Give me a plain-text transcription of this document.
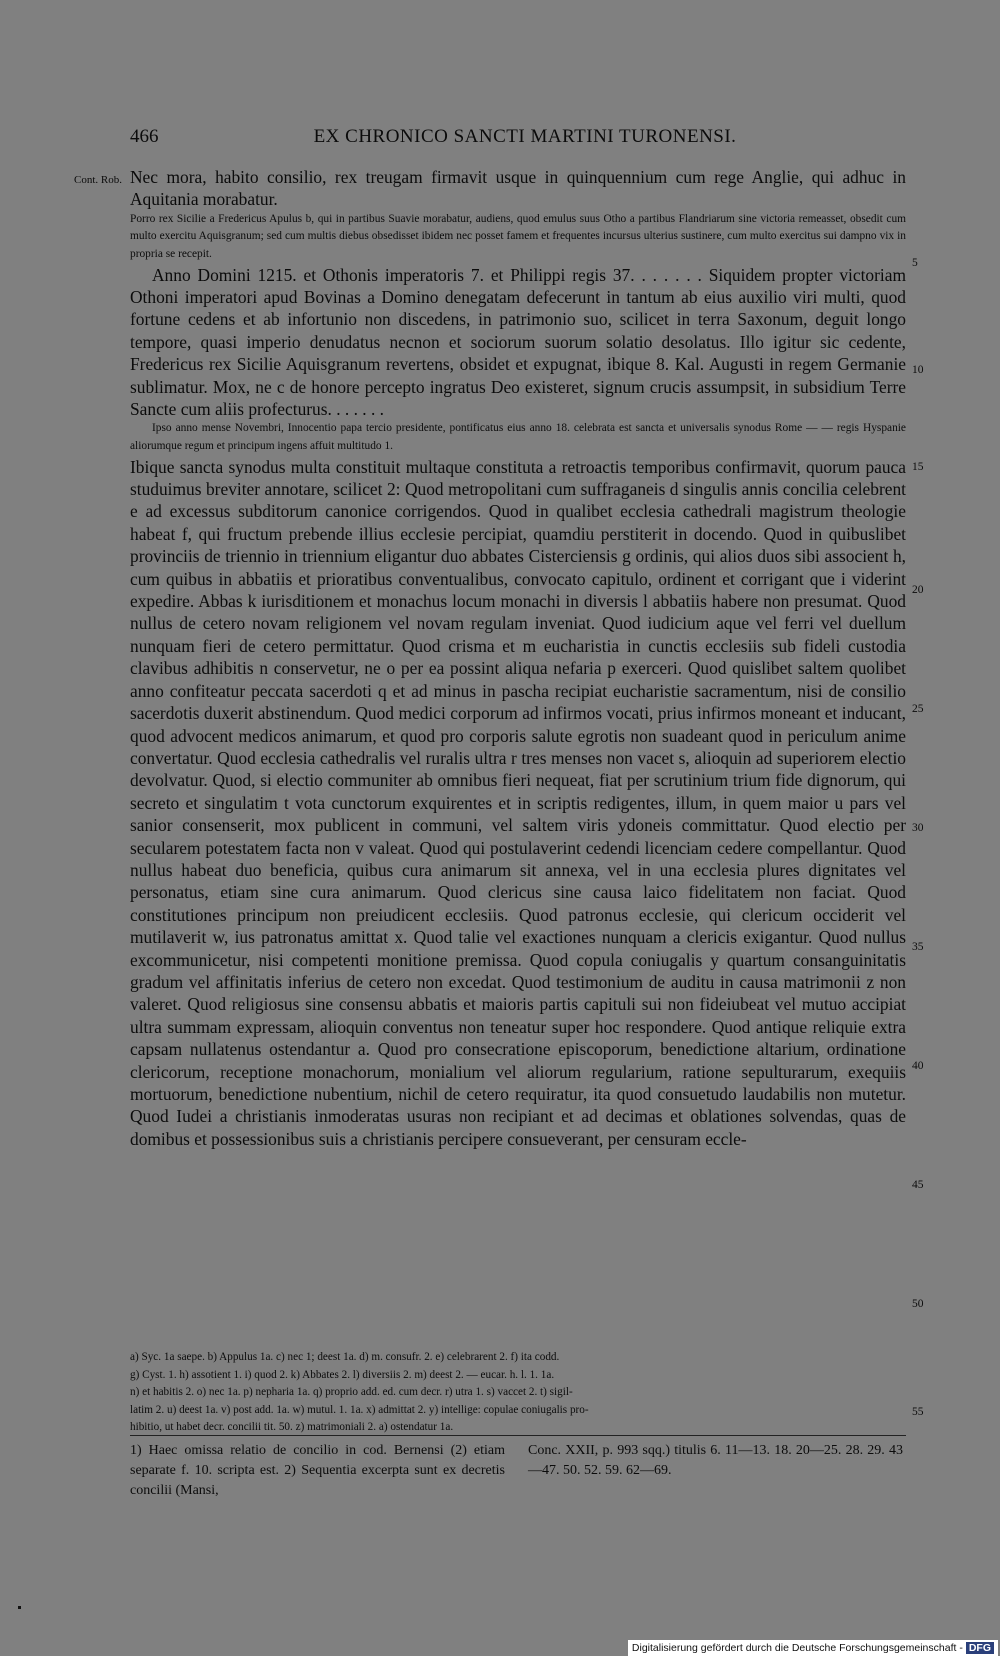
466	EX CHRONICO SANCTI MARTINI TURONENSI.
Cont. Rob. Nec mora, habito consilio, rex treugam firmavit usque in quinquennium cum rege Anglie, qui adhuc in Aquitania morabatur.

Porro rex Sicilie a Fredericus Apulus b, qui in partibus Suavie morabatur, audiens, quod emulus suus Otho a partibus Flandriarum sine victoria remeasset, obsedit cum multo exercitu Aquisgranum; sed cum multis diebus obsedisset ibidem nec posset famem et frequentes incursus ulterius sustinere, cum multo exercitus sui dampno vix in propria se recepit.

Anno Domini 1215. et Othonis imperatoris 7. et Philippi regis 37. . . . . . . Siquidem propter victoriam Othoni imperatori apud Bovinas a Domino denegatam defecerunt in tantum ab eius auxilio viri multi, quod fortune cedens et ab infortunio non discedens, in patrimonio suo, scilicet in terra Saxonum, deguit longo tempore, quasi imperio denudatus necnon et sociorum suorum solatio desolatus. Illo igitur sic cedente, Fredericus rex Sicilie Aquisgranum revertens, obsidet et expugnat, ibique 8. Kal. Augusti in regem Germanie sublimatur. Mox, ne c de honore percepto ingratus Deo existeret, signum crucis assumpsit, in subsidium Terre Sancte cum aliis profecturus. . . . . . .

Ipso anno mense Novembri, Innocentio papa tercio presidente, pontificatus eius anno 18. celebrata est sancta et universalis synodus Rome — — regis Hyspanie aliorumque regum et principum ingens affuit multitudo 1.

Ibique sancta synodus multa constituit multaque constituta a retroactis temporibus confirmavit, quorum pauca studuimus breviter annotare, scilicet 2: Quod metropolitani cum suffraganeis d singulis annis concilia celebrent e ad excessus subditorum canonice corrigendos. Quod in qualibet ecclesia cathedrali magistrum theologie habeat f, qui fructum prebende illius ecclesie percipiat, quamdiu perstiterit in docendo. Quod in quibuslibet provinciis de triennio in triennium eligantur duo abbates Cisterciensis g ordinis, qui alios duos sibi associent h, cum quibus in abbatiis et prioratibus conventualibus, convocato capitulo, ordinent et corrigant que i viderint expedire. Abbas k iurisditionem et monachus locum monachi in diversis l abbatiis habere non presumat. Quod nullus de cetero novam religionem vel novam regulam inveniat. Quod iudicium aque vel ferri vel duellum nunquam fieri de cetero permittatur. Quod crisma et m eucharistia in cunctis ecclesiis sub fideli custodia clavibus adhibitis n conservetur, ne o per ea possint aliqua nefaria p exerceri. Quod quislibet saltem quolibet anno confiteatur peccata sacerdoti q et ad minus in pascha recipiat eucharistie sacramentum, nisi de consilio sacerdotis duxerit abstinendum. Quod medici corporum ad infirmos vocati, prius infirmos moneant et inducant, quod advocent medicos animarum, et quod pro corporis salute egrotis non suadeant quod in periculum anime convertatur. Quod ecclesia cathedralis vel ruralis ultra r tres menses non vacet s, alioquin ad superiorem electio devolvatur. Quod, si electio communiter ab omnibus fieri nequeat, fiat per scrutinium trium fide dignorum, qui secreto et singulatim t vota cunctorum exquirentes et in scriptis redigentes, illum, in quem maior u pars vel sanior consenserit, mox publicent in communi, vel saltem viris ydoneis committatur. Quod electio per secularem potestatem facta non v valeat. Quod qui postulaverint cedendi licenciam cedere compellantur. Quod nullus habeat duo beneficia, quibus cura animarum sit annexa, vel in una ecclesia plures dignitates vel personatus, etiam sine cura animarum. Quod clericus sine causa laico fidelitatem non faciat. Quod constitutiones principum non preiudicent ecclesiis. Quod patronus ecclesie, qui clericum occiderit vel mutilaverit w, ius patronatus amittat x. Quod talie vel exactiones nunquam a clericis exigantur. Quod nullus excommunicetur, nisi competenti monitione premissa. Quod copula coniugalis y quartum consanguinitatis gradum vel affinitatis inferius de cetero non excedat. Quod testimonium de auditu in causa matrimonii z non valeret. Quod religiosus sine consensu abbatis et maioris partis capituli sui non fideiubeat vel mutuo accipiat ultra summam expressam, alioquin conventus non teneatur super hoc respondere. Quod antique reliquie extra capsam nullatenus ostendantur a. Quod pro consecratione episcoporum, benedictione altarium, ordinatione clericorum, receptione monachorum, monialium vel aliorum regularium, ratione sepulturarum, exequiis mortuorum, benedictione nubentium, nichil de cetero requiratur, ita quod consuetudo laudabilis non mutetur. Quod Iudei a christianis inmoderatas usuras non recipiant et ad decimas et oblationes solvendas, quas de domibus et possessionibus suis a christianis percipere consueverant, per censuram eccle-

5
10
15
20
25
30
35
40
45
50
55
a) Syc. 1a saepe. b) Appulus 1a. c) nec 1; deest 1a. d) m. consufr. 2. e) celebrarent 2. f) ita codd.
g) Cyst. 1. h) assotient 1. i) quod 2. k) Abbates 2. l) diversiis 2. m) deest 2. — eucar. h. l. 1. 1a.
n) et habitis 2. o) nec 1a. p) nepharia 1a. q) proprio add. ed. cum decr. r) utra 1. s) vaccet 2. t) sigil-
latim 2. u) deest 1a. v) post add. 1a. w) mutul. 1. 1a. x) admittat 2. y) intellige: copulae coniugalis pro-
hibitio, ut habet decr. concilii tit. 50. z) matrimoniali 2. a) ostendatur 1a.
1) Haec omissa relatio de concilio in cod. Bernensi (2) etiam separate f. 10. scripta est. 2) Sequentia excerpta sunt ex decretis concilii (Mansi,
Conc. XXII, p. 993 sqq.) titulis 6. 11—13. 18. 20—25. 28. 29. 43—47. 50. 52. 59. 62—69.
Digitalisierung gefördert durch die Deutsche Forschungsgemeinschaft - DFG
